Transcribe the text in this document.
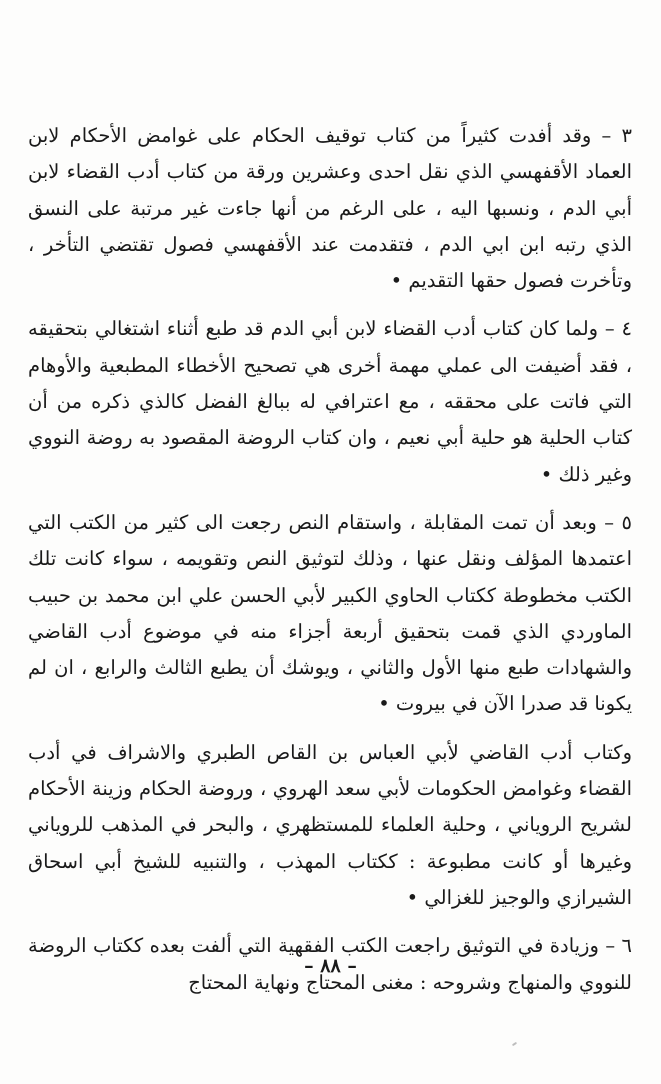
٣ – وقد أفدت كثيراً من كتاب توقيف الحكام على غوامض الأحكام لابن العماد الأقفهسي الذي نقل احدى وعشرين ورقة من كتاب أدب القضاء لابن أبي الدم ، ونسبها اليه ، على الرغم من أنها جاءت غير مرتبة على النسق الذي رتبه ابن ابي الدم ، فتقدمت عند الأقفهسي فصول تقتضي التأخر ، وتأخرت فصول حقها التقديم •

٤ – ولما كان كتاب أدب القضاء لابن أبي الدم قد طبع أثناء اشتغالي بتحقيقه ، فقد أضيفت الى عملي مهمة أخرى هي تصحيح الأخطاء المطبعية والأوهام التي فاتت على محققه ، مع اعترافي له ببالغ الفضل كالذي ذكره من أن كتاب الحلية هو حلية أبي نعيم ، وان كتاب الروضة المقصود به روضة النووي وغير ذلك •

٥ – وبعد أن تمت المقابلة ، واستقام النص رجعت الى كثير من الكتب التي اعتمدها المؤلف ونقل عنها ، وذلك لتوثيق النص وتقويمه ، سواء كانت تلك الكتب مخطوطة ككتاب الحاوي الكبير لأبي الحسن علي ابن محمد بن حبيب الماوردي الذي قمت بتحقيق أربعة أجزاء منه في موضوع أدب القاضي والشهادات طبع منها الأول والثاني ، ويوشك أن يطبع الثالث والرابع ، ان لم يكونا قد صدرا الآن في بيروت •

وكتاب أدب القاضي لأبي العباس بن القاص الطبري والاشراف في أدب القضاء وغوامض الحكومات لأبي سعد الهروي ، وروضة الحكام وزينة الأحكام لشريح الروياني ، وحلية العلماء للمستظهري ، والبحر في المذهب للروياني وغيرها أو كانت مطبوعة : ككتاب المهذب ، والتنبيه للشيخ أبي اسحاق الشيرازي والوجيز للغزالي •

٦ – وزيادة في التوثيق راجعت الكتب الفقهية التي ألفت بعده ككتاب الروضة للنووي والمنهاج وشروحه : مغنى المحتاج ونهاية المحتاج

– ٨٨ –
